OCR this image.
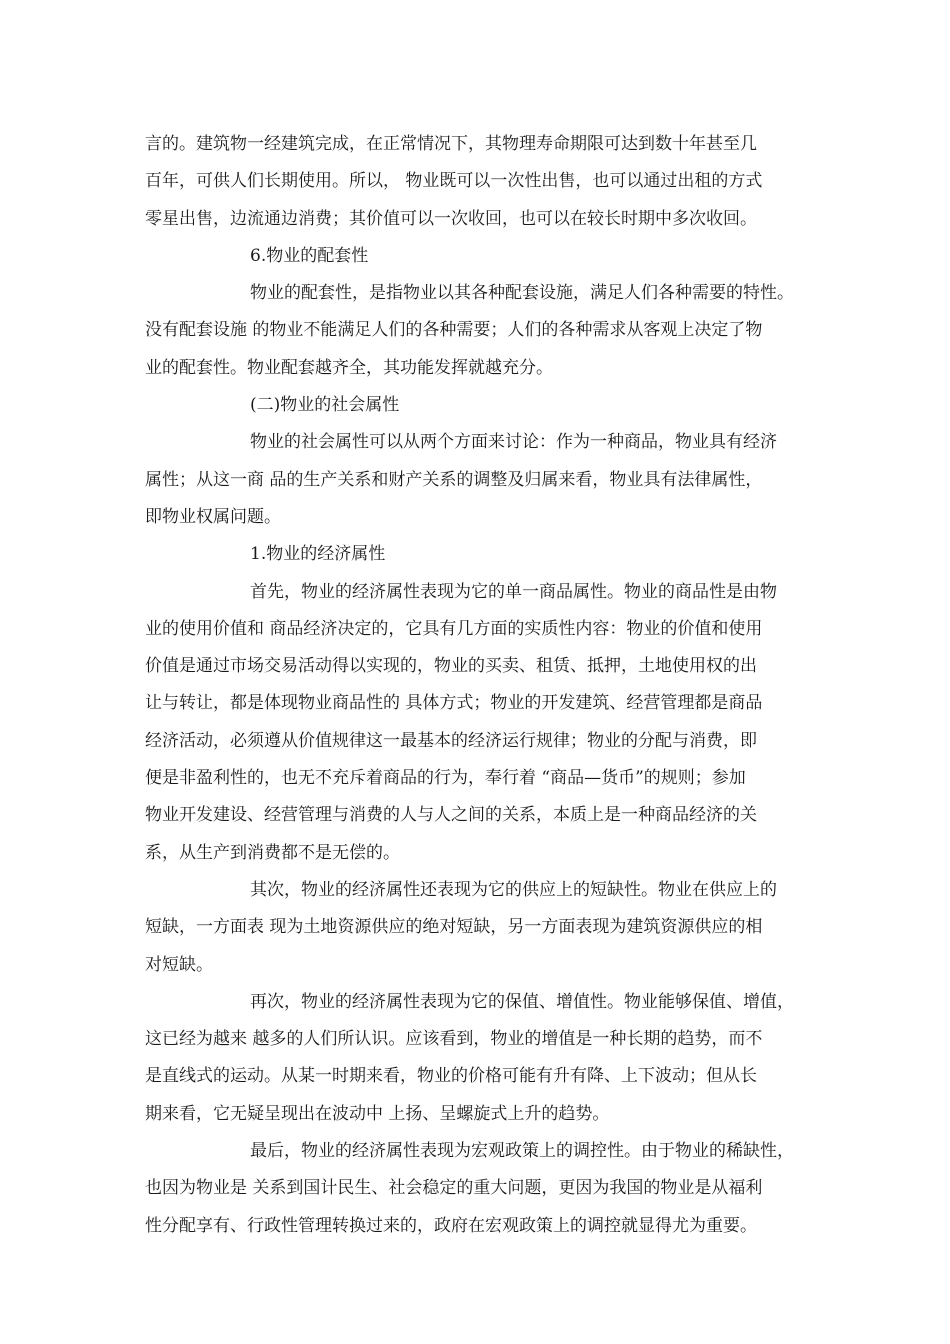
言的。建筑物一经建筑完成，在正常情况下，其物理寿命期限可达到数十年甚至几
百年，可供人们长期使用。所以， 物业既可以一次性出售，也可以通过出租的方式
零星出售，边流通边消费；其价值可以一次收回，也可以在较长时期中多次收回。
6.物业的配套性
物业的配套性，是指物业以其各种配套设施，满足人们各种需要的特性。
没有配套设施 的物业不能满足人们的各种需要；人们的各种需求从客观上决定了物
业的配套性。物业配套越齐全，其功能发挥就越充分。
(二)物业的社会属性
物业的社会属性可以从两个方面来讨论：作为一种商品，物业具有经济
属性；从这一商 品的生产关系和财产关系的调整及归属来看，物业具有法律属性，
即物业权属问题。
1.物业的经济属性
首先，物业的经济属性表现为它的单一商品属性。物业的商品性是由物
业的使用价值和 商品经济决定的，它具有几方面的实质性内容：物业的价值和使用
价值是通过市场交易活动得以实现的，物业的买卖、租赁、抵押，土地使用权的出
让与转让，都是体现物业商品性的 具体方式；物业的开发建筑、经营管理都是商品
经济活动，必须遵从价值规律这一最基本的经济运行规律；物业的分配与消费，即
便是非盈利性的，也无不充斥着商品的行为，奉行着 “商品—货币”的规则；参加
物业开发建设、经营管理与消费的人与人之间的关系，本质上是一种商品经济的关
系，从生产到消费都不是无偿的。
其次，物业的经济属性还表现为它的供应上的短缺性。物业在供应上的
短缺，一方面表 现为土地资源供应的绝对短缺，另一方面表现为建筑资源供应的相
对短缺。
再次，物业的经济属性表现为它的保值、增值性。物业能够保值、增值，
这已经为越来 越多的人们所认识。应该看到，物业的增值是一种长期的趋势，而不
是直线式的运动。从某一时期来看，物业的价格可能有升有降、上下波动；但从长
期来看，它无疑呈现出在波动中 上扬、呈螺旋式上升的趋势。
最后，物业的经济属性表现为宏观政策上的调控性。由于物业的稀缺性，
也因为物业是 关系到国计民生、社会稳定的重大问题，更因为我国的物业是从福利
性分配享有、行政性管理转换过来的，政府在宏观政策上的调控就显得尤为重要。
